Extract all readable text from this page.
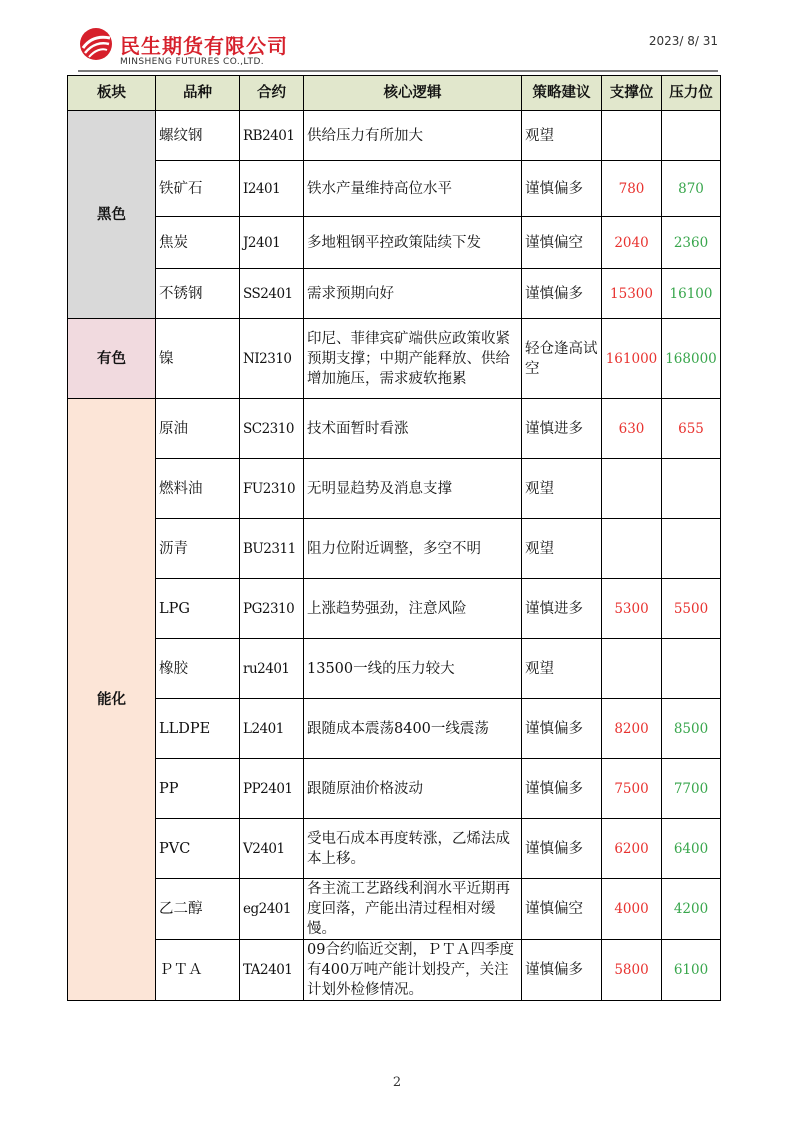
民生期货有限公司
MINSHENG FUTURES CO.,LTD.
2023/ 8/ 31
板块	品种	合约	核心逻辑	策略建议	支撑位	压力位
黑色	螺纹钢	RB2401	供给压力有所加大	观望		
	铁矿石	I2401	铁水产量维持高位水平	谨慎偏多	780	870
	焦炭	J2401	多地粗钢平控政策陆续下发	谨慎偏空	2040	2360
	不锈钢	SS2401	需求预期向好	谨慎偏多	15300	16100
有色	镍	NI2310	印尼、菲律宾矿端供应政策收紧预期支撑；中期产能释放、供给增加施压，需求疲软拖累	轻仓逢高试空	161000	168000
能化	原油	SC2310	技术面暂时看涨	谨慎进多	630	655
	燃料油	FU2310	无明显趋势及消息支撑	观望		
	沥青	BU2311	阻力位附近调整，多空不明	观望		
	LPG	PG2310	上涨趋势强劲，注意风险	谨慎进多	5300	5500
	橡胶	ru2401	13500一线的压力较大	观望		
	LLDPE	L2401	跟随成本震荡8400一线震荡	谨慎偏多	8200	8500
	PP	PP2401	跟随原油价格波动	谨慎偏多	7500	7700
	PVC	V2401	受电石成本再度转涨，乙烯法成本上移。	谨慎偏多	6200	6400
	乙二醇	eg2401	各主流工艺路线利润水平近期再度回落，产能出清过程相对缓慢。	谨慎偏空	4000	4200
	ＰＴＡ	TA2401	09合约临近交割，ＰＴＡ四季度有400万吨产能计划投产，关注计划外检修情况。	谨慎偏多	5800	6100
2
